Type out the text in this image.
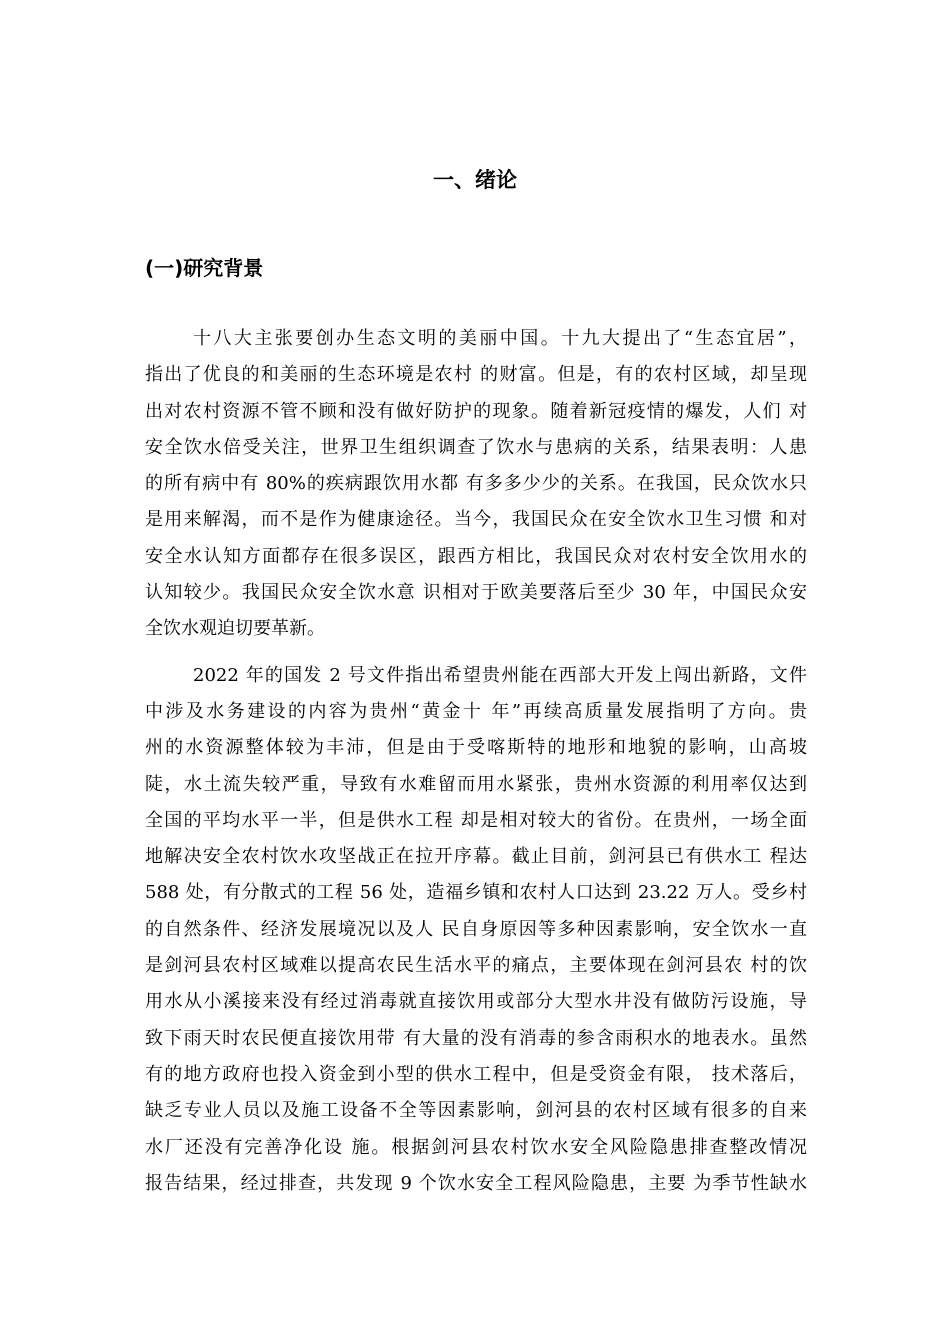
一、绪论
(一)研究背景
十八大主张要创办生态文明的美丽中国。十九大提出了“生态宜居”，
指出了优良的和美丽的生态环境是农村 的财富。但是，有的农村区域，却呈现
出对农村资源不管不顾和没有做好防护的现象。随着新冠疫情的爆发，人们 对
安全饮水倍受关注，世界卫生组织调查了饮水与患病的关系，结果表明：人患
的所有病中有 80%的疾病跟饮用水都 有多多少少的关系。在我国，民众饮水只
是用来解渴，而不是作为健康途径。当今，我国民众在安全饮水卫生习惯 和对
安全水认知方面都存在很多误区，跟西方相比，我国民众对农村安全饮用水的
认知较少。我国民众安全饮水意 识相对于欧美要落后至少 30 年，中国民众安
全饮水观迫切要革新。
2022 年的国发 2 号文件指出希望贵州能在西部大开发上闯出新路，文件
中涉及水务建设的内容为贵州“黄金十 年”再续高质量发展指明了方向。贵
州的水资源整体较为丰沛，但是由于受喀斯特的地形和地貌的影响，山高坡
陡，水土流失较严重，导致有水难留而用水紧张，贵州水资源的利用率仅达到
全国的平均水平一半，但是供水工程 却是相对较大的省份。在贵州，一场全面
地解决安全农村饮水攻坚战正在拉开序幕。截止目前，剑河县已有供水工 程达
588 处，有分散式的工程 56 处，造福乡镇和农村人口达到 23.22 万人。受乡村
的自然条件、经济发展境况以及人 民自身原因等多种因素影响，安全饮水一直
是剑河县农村区域难以提高农民生活水平的痛点，主要体现在剑河县农 村的饮
用水从小溪接来没有经过消毒就直接饮用或部分大型水井没有做防污设施，导
致下雨天时农民便直接饮用带 有大量的没有消毒的参含雨积水的地表水。虽然
有的地方政府也投入资金到小型的供水工程中，但是受资金有限， 技术落后，
缺乏专业人员以及施工设备不全等因素影响，剑河县的农村区域有很多的自来
水厂还没有完善净化设 施。根据剑河县农村饮水安全风险隐患排查整改情况
报告结果，经过排查，共发现 9 个饮水安全工程风险隐患，主要 为季节性缺水
